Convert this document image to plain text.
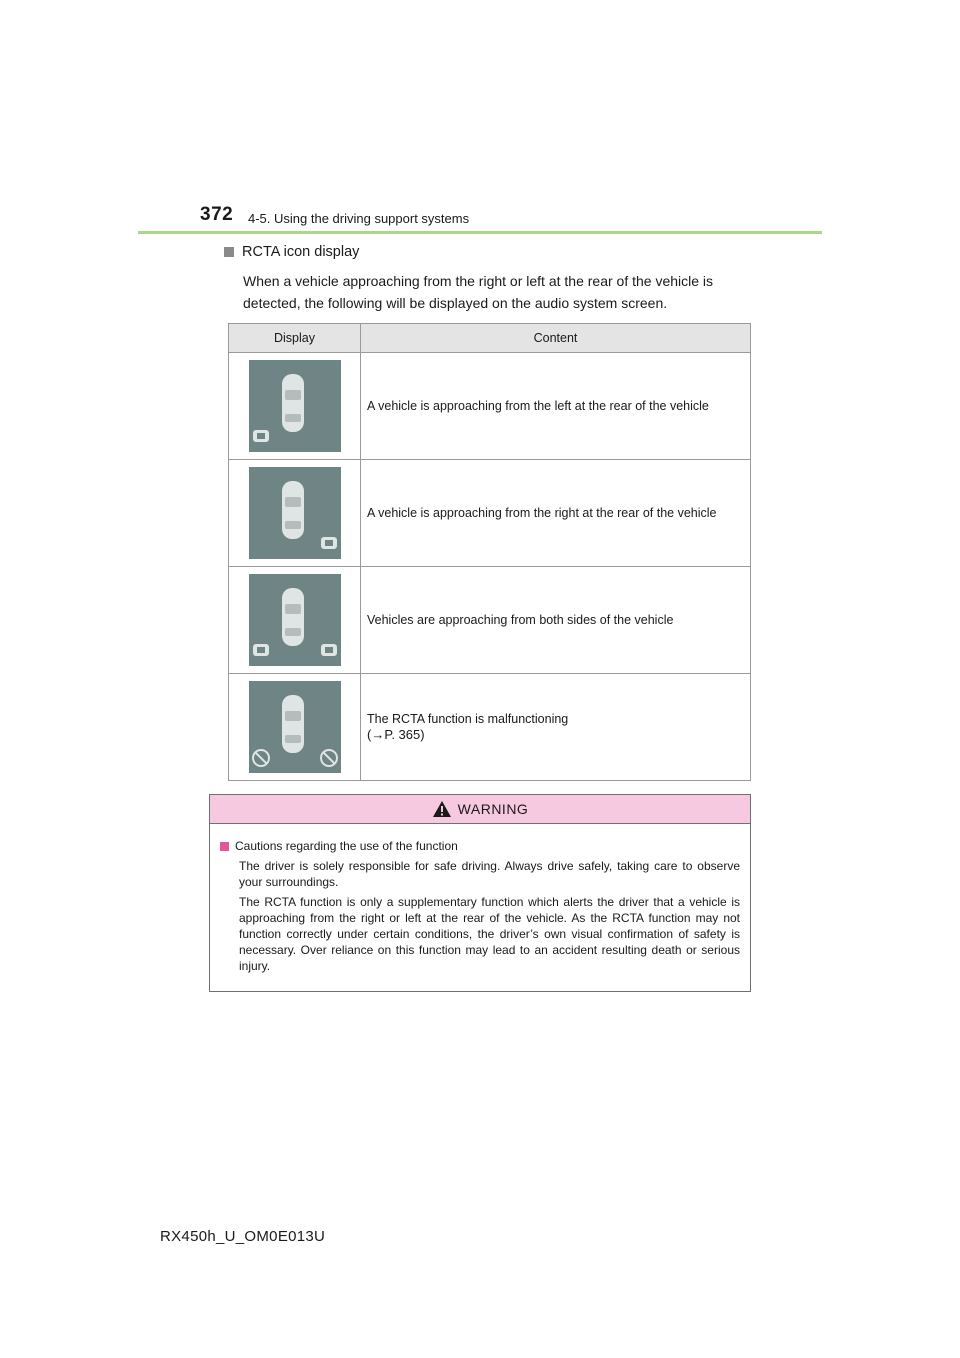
372 4-5. Using the driving support systems
RCTA icon display
When a vehicle approaching from the right or left at the rear of the vehicle is detected, the following will be displayed on the audio system screen.
Display	Content

	A vehicle is approaching from the left at the rear of the vehicle

	A vehicle is approaching from the right at the rear of the vehicle

	Vehicles are approaching from both sides of the vehicle

The RCTA function is malfunctioning
(→P. 365)
WARNING
Cautions regarding the use of the function

The driver is solely responsible for safe driving. Always drive safely, taking care to observe your surroundings.

The RCTA function is only a supplementary function which alerts the driver that a vehicle is approaching from the right or left at the rear of the vehicle. As the RCTA function may not function correctly under certain conditions, the driver’s own visual confirmation of safety is necessary. Over reliance on this function may lead to an accident resulting death or serious injury.

RX450h_U_OM0E013U
